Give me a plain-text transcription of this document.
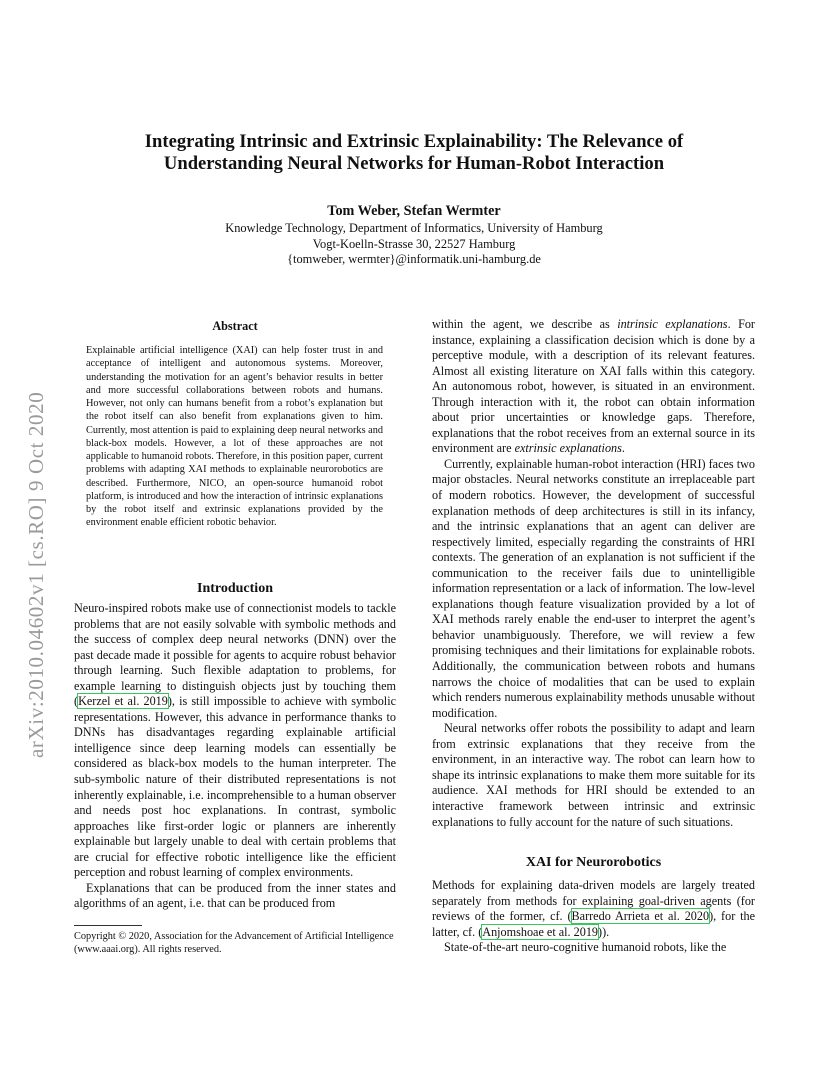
arXiv:2010.04602v1 [cs.RO] 9 Oct 2020
Integrating Intrinsic and Extrinsic Explainability: The Relevance of
Understanding Neural Networks for Human-Robot Interaction
Tom Weber, Stefan Wermter
Knowledge Technology, Department of Informatics, University of Hamburg
Vogt-Koelln-Strasse 30, 22527 Hamburg
{tomweber, wermter}@informatik.uni-hamburg.de
Abstract
Explainable artificial intelligence (XAI) can help foster trust in and acceptance of intelligent and autonomous systems. Moreover, understanding the motivation for an agent’s behavior results in better and more successful collaborations between robots and humans. However, not only can humans benefit from a robot’s explanation but the robot itself can also benefit from explanations given to him. Currently, most attention is paid to explaining deep neural networks and black-box models. However, a lot of these approaches are not applicable to humanoid robots. Therefore, in this position paper, current problems with adapting XAI methods to explainable neurorobotics are described. Furthermore, NICO, an open-source humanoid robot platform, is introduced and how the interaction of intrinsic explanations by the robot itself and extrinsic explanations provided by the environment enable efficient robotic behavior.
Introduction

Neuro-inspired robots make use of connectionist models to tackle problems that are not easily solvable with symbolic methods and the success of complex deep neural networks (DNN) over the past decade made it possible for agents to acquire robust behavior through learning. Such flexible adaptation to problems, for example learning to distinguish objects just by touching them (Kerzel et al. 2019), is still impossible to achieve with symbolic representations. However, this advance in performance thanks to DNNs has disadvantages regarding explainable artificial intelligence since deep learning models can essentially be considered as black-box models to the human interpreter. The sub-symbolic nature of their distributed representations is not inherently explainable, i.e. incomprehensible to a human observer and needs post hoc explanations. In contrast, symbolic approaches like first-order logic or planners are inherently explainable but largely unable to deal with certain problems that are crucial for effective robotic intelligence like the efficient perception and robust learning of complex environments.

Explanations that can be produced from the inner states and algorithms of an agent, i.e. that can be produced from

Copyright © 2020, Association for the Advancement of Artificial Intelligence (www.aaai.org). All rights reserved.

within the agent, we describe as intrinsic explanations. For instance, explaining a classification decision which is done by a perceptive module, with a description of its relevant features. Almost all existing literature on XAI falls within this category. An autonomous robot, however, is situated in an environment. Through interaction with it, the robot can obtain information about prior uncertainties or knowledge gaps. Therefore, explanations that the robot receives from an external source in its environment are extrinsic explanations.

Currently, explainable human-robot interaction (HRI) faces two major obstacles. Neural networks constitute an irreplaceable part of modern robotics. However, the development of successful explanation methods of deep architectures is still in its infancy, and the intrinsic explanations that an agent can deliver are respectively limited, especially regarding the constraints of HRI contexts. The generation of an explanation is not sufficient if the communication to the receiver fails due to unintelligible information representation or a lack of information. The low-level explanations though feature visualization provided by a lot of XAI methods rarely enable the end-user to interpret the agent’s behavior unambiguously. Therefore, we will review a few promising techniques and their limitations for explainable robots. Additionally, the communication between robots and humans narrows the choice of modalities that can be used to explain which renders numerous explainability methods unusable without modification.

Neural networks offer robots the possibility to adapt and learn from extrinsic explanations that they receive from the environment, in an interactive way. The robot can learn how to shape its intrinsic explanations to make them more suitable for its audience. XAI methods for HRI should be extended to an interactive framework between intrinsic and extrinsic explanations to fully account for the nature of such situations.

XAI for Neurorobotics

Methods for explaining data-driven models are largely treated separately from methods for explaining goal-driven agents (for reviews of the former, cf. (Barredo Arrieta et al. 2020), for the latter, cf. (Anjomshoae et al. 2019)).

State-of-the-art neuro-cognitive humanoid robots, like the
